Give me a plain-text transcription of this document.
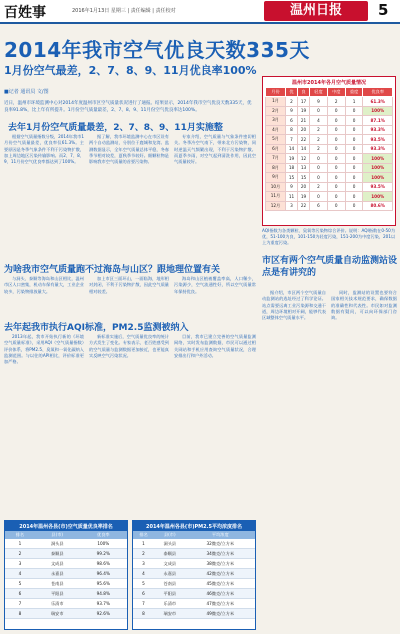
百姓事	2016年1月13日 星期三 | 责任编辑 | 责任校对	温州日报	5
2014年我市空气优良天数335天
1月份空气最差，2、7、8、9、11月优良率100%
■记者 通讯员 文/图
近日，温州市环境监测中心对2014年度温州市区空气质量状况进行了通报。结果显示，2014年我市空气优良天数335天，优良率91.8%，比上年有所提升。1月份空气质量最差，2、7、8、9、11月份空气优良率达100%。
温州市2014年各月空气质量情况
月份	优	良	轻度	中度	重度	优良率
1月	2	17	9	2	1	61.3%
2月	9	19	0	0	0	100%
3月	6	21	4	0	0	87.1%
4月	8	20	2	0	0	93.3%
5月	7	22	2	0	0	93.5%
6月	14	14	2	0	0	93.3%
7月	19	12	0	0	0	100%
8月	18	13	0	0	0	100%
9月	15	15	0	0	0	100%
10月	9	20	2	0	0	93.5%
11月	11	19	0	0	0	100%
12月	3	22	6	0	0	80.6%
AQI指数为各类颗粒、臭氧等污染物综合评价。说明：AQI指数在0-50为优，51-100为良，101-150为轻度污染，151-200为中度污染，201以上为重度污染。
去年1月份空气质量最差，2、7、8、9、11月实施整
为啥我市空气质量跑不过海岛与山区？跟地理位置有关
去年起我市执行AQI标准，PM2.5监测被纳入
市区有两个空气质量自动监测站设点是有讲究的

根据空气质量指数分级，2014年我市1月份空气质量最差，优良率仅61.3%。主要原因是冬季气象条件不利于污染物扩散，加上周边地区污染传输影响。而2、7、8、9、11月份空气优良率都达到了100%。

据了解，我市环境监测中心在市区设有两个自动监测站，分别位于鹿城和龙湾。监测数据显示，全年空气质量总体平稳，冬春季节相对较差，夏秋季节较好。细颗粒物是影响我市空气质量的首要污染物。

专家介绍，空气质量与气象条件密切相关。冬季冷空气南下，带来北方污染物，同时逆温天气频繁出现，不利于污染物扩散。而夏季多雨，对空气起到清洗作用，因此空气质量较好。

与洞头、泰顺等海岛和山区相比，温州市区人口密集，机动车保有量大，工业企业较多，污染物排放量大。

加上市区三面环山，一面临海，地形相对封闭，不利于污染物扩散，因此空气质量相对较差。

海岛和山区植被覆盖率高，人口稀少，污染源少，空气流通性好，所以空气质量常年保持优良。

2013年起，我市开始执行新的《环境空气质量标准》，采用AQI（空气质量指数）评价体系，将PM2.5、臭氧和一氧化碳纳入监测范围。与以往的API相比，评价标准更加严格。

新标准实施后，空气质量优良率的统计方式发生了变化。专家表示，老百姓感受到的空气质量与监测数据更加接近，也更能真实反映空气污染状况。

目前，我市已建立完善的空气质量监测网络，实时发布监测数据，市民可以通过相关网站和手机应用查询空气质量状况，合理安排出行和户外活动。

据介绍，市区两个空气质量自动监测站的选址经过了科学论证。站点需要远离工业污染源和交通干道，周边环境相对开阔，能够代表区域整体空气质量水平。

同时，监测站的设置也要符合国家相关技术规范要求，确保数据的准确性和代表性。市民如对监测数据有疑问，可以向环保部门咨询。

2014年温州各县(市)空气质量优良率排名
排名	县(市)	优良率
1	洞头县	100%
2	泰顺县	99.2%
3	文成县	98.6%
4	永嘉县	96.4%
5	苍南县	95.6%
6	平阳县	94.8%
7	乐清市	93.7%
8	瑞安市	92.6%
2014年温州各县(市)PM2.5平均浓度排名
排名	县(市)	平均浓度
1	洞头县	32微克/立方米
2	泰顺县	34微克/立方米
3	文成县	38微克/立方米
4	永嘉县	42微克/立方米
5	苍南县	45微克/立方米
6	平阳县	46微克/立方米
7	乐清市	47微克/立方米
8	瑞安市	49微克/立方米
